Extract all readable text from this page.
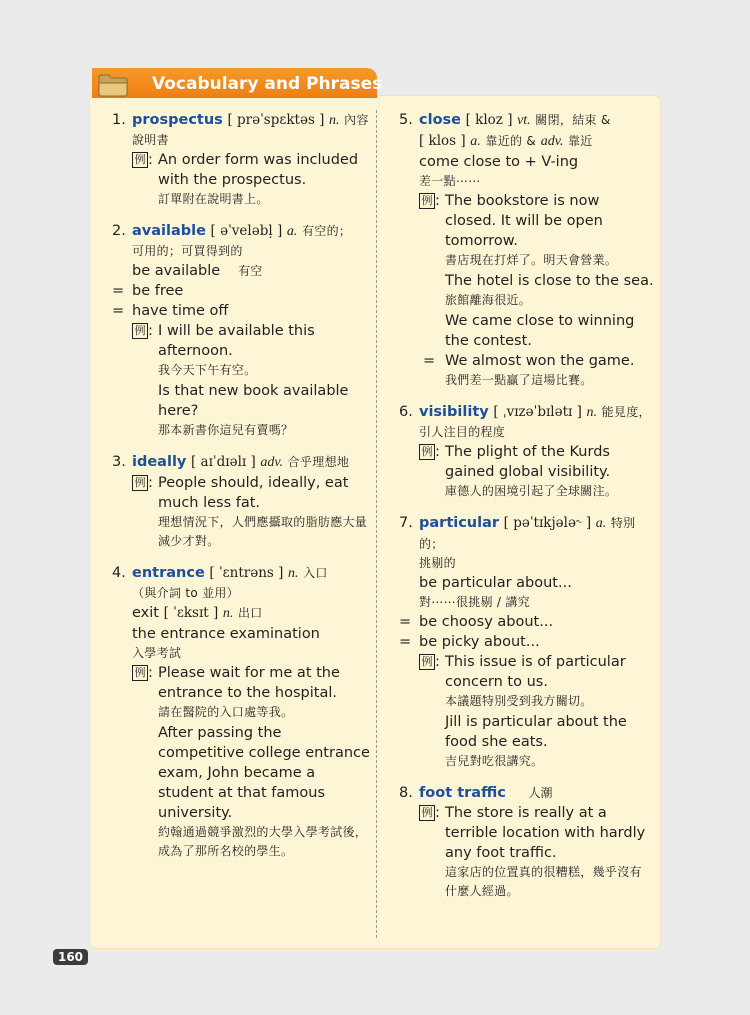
Vocabulary and Phrases
160
1. prospectus [ prəˈspɛktəs ] n. 內容
說明書
例 : An order form was included with the prospectus.
訂單附在說明書上。
2. available [ əˈveləbḷ ] a. 有空的；
可用的；可買得到的
be available 有空
= be free
= have time off
例 : I will be available this afternoon.
我今天下午有空。
Is that new book available here?
那本新書你這兒有賣嗎？
3. ideally [ aɪˈdɪəlɪ ] adv. 合乎理想地
例 : People should, ideally, eat much less fat.
理想情況下，人們應攝取的脂肪應大量減少才對。
4. entrance [ ˈɛntrəns ] n. 入口
（與介詞 to 並用）
exit [ ˈɛksɪt ] n. 出口
the entrance examination
入學考試
例 : Please wait for me at the entrance to the hospital.
請在醫院的入口處等我。
After passing the competitive college entrance exam, John became a student at that famous university.
約翰通過競爭激烈的大學入學考試後，成為了那所名校的學生。
5. close [ kloz ] vt. 關閉，結束 &
[ klos ] a. 靠近的 & adv. 靠近
come close to + V-ing
差一點⋯⋯
例 : The bookstore is now closed. It will be open tomorrow.
書店現在打烊了。明天會營業。
The hotel is close to the sea.
旅館離海很近。
We came close to winning the contest.
= We almost won the game.
我們差一點贏了這場比賽。
6. visibility [ ˌvɪzəˈbɪlətɪ ] n. 能見度，
引人注目的程度
例 : The plight of the Kurds gained global visibility.
庫德人的困境引起了全球關注。
7. particular [ pəˈtɪkjələ˞ ] a. 特別的；
挑剔的
be particular about...
對⋯⋯很挑剔 / 講究
= be choosy about...
= be picky about...
例 : This issue is of particular concern to us.
本議題特別受到我方關切。
Jill is particular about the food she eats.
吉兒對吃很講究。
8. foot traffic 人潮
例 : The store is really at a terrible location with hardly any foot traffic.
這家店的位置真的很糟糕，幾乎沒有什麼人經過。
